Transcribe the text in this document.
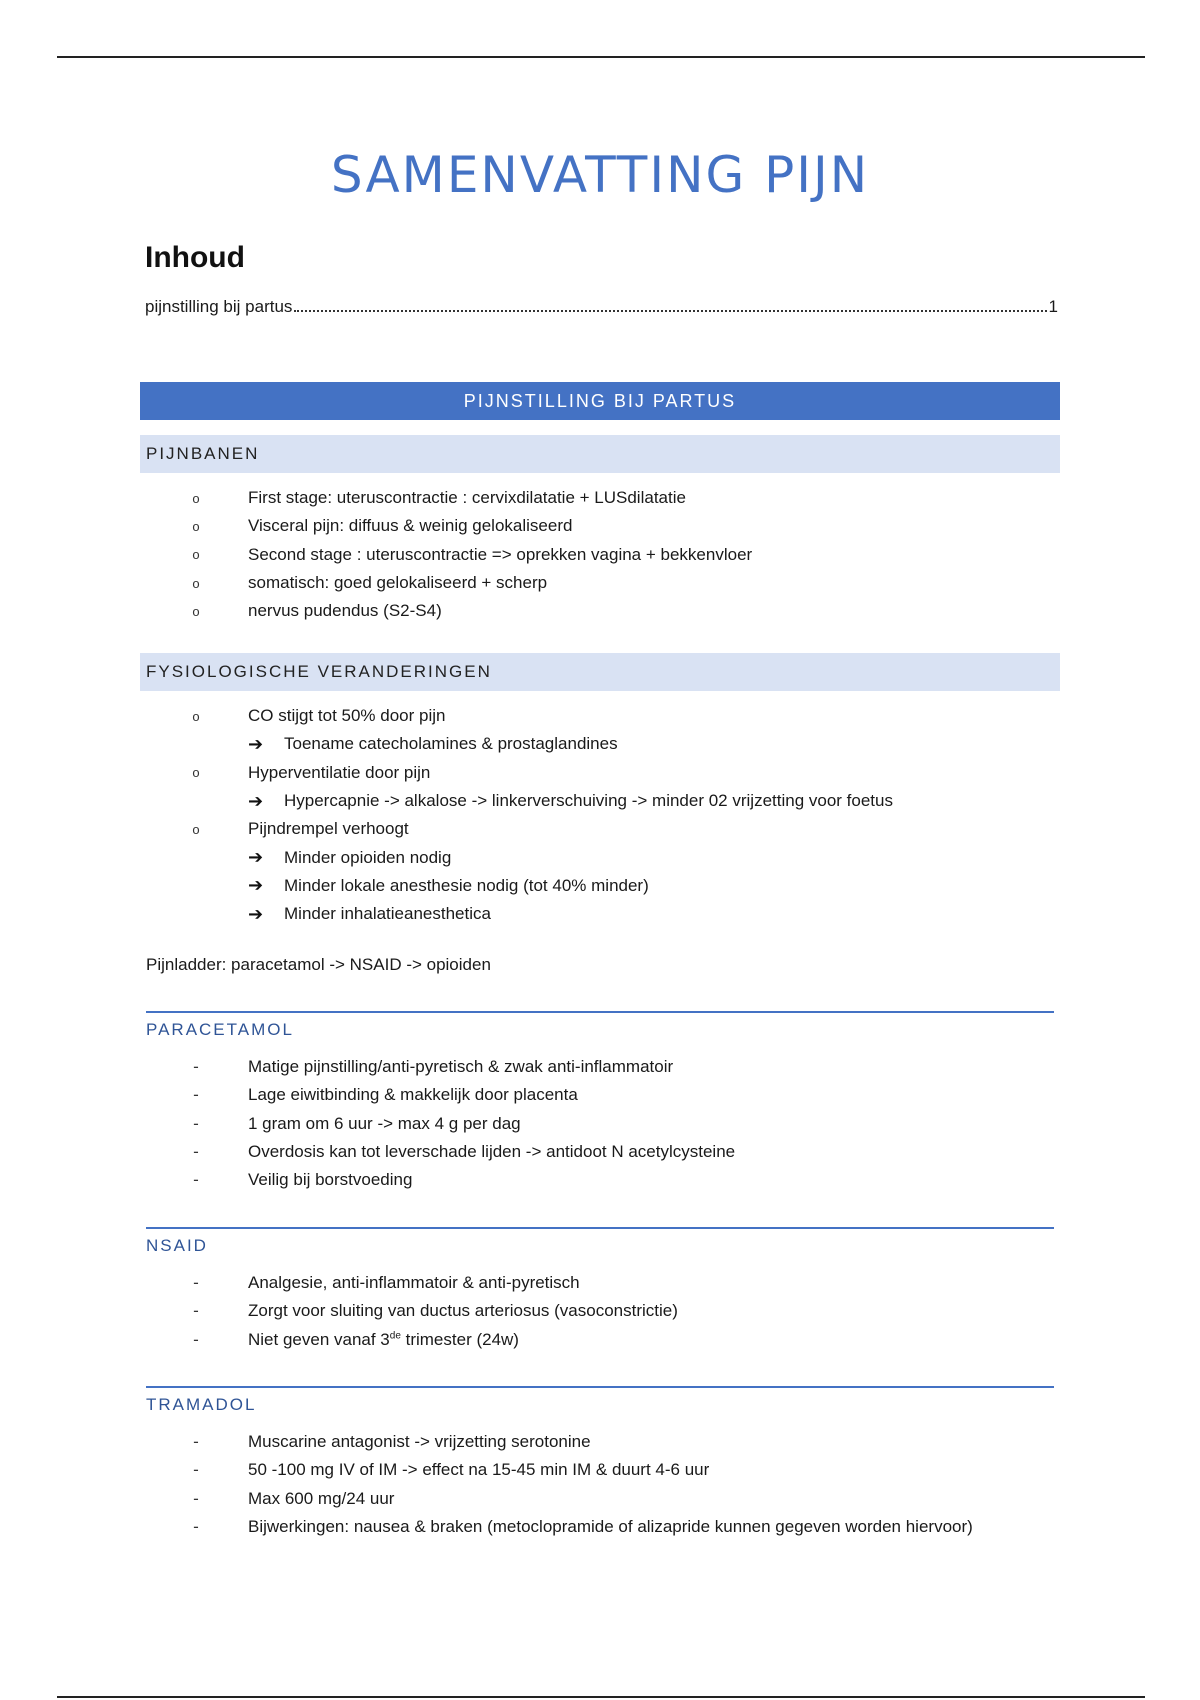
SAMENVATTING PIJN
Inhoud
pijnstilling bij partus	1
PIJNSTILLING BIJ PARTUS
PIJNBANEN
o	First stage: uteruscontractie : cervixdilatatie + LUSdilatatie
o	Visceral pijn: diffuus & weinig gelokaliseerd
o	Second stage : uteruscontractie => oprekken vagina + bekkenvloer
o	somatisch: goed gelokaliseerd + scherp
o	nervus pudendus (S2-S4)
FYSIOLOGISCHE VERANDERINGEN
o	CO stijgt tot 50% door pijn
➔	Toename catecholamines & prostaglandines
o	Hyperventilatie door pijn
➔	Hypercapnie -> alkalose -> linkerverschuiving -> minder 02 vrijzetting voor foetus
o	Pijndrempel verhoogt
➔	Minder opioiden nodig
➔	Minder lokale anesthesie nodig (tot 40% minder)
➔	Minder inhalatieanesthetica
Pijnladder: paracetamol -> NSAID -> opioiden
PARACETAMOL
-	Matige pijnstilling/anti-pyretisch & zwak anti-inflammatoir
-	Lage eiwitbinding & makkelijk door placenta
-	1 gram om 6 uur -> max 4 g per dag
-	Overdosis kan tot leverschade lijden -> antidoot N acetylcysteine
-	Veilig bij borstvoeding
NSAID
-	Analgesie, anti-inflammatoir & anti-pyretisch
-	Zorgt voor sluiting van ductus arteriosus (vasoconstrictie)
-	Niet geven vanaf 3de trimester (24w)
TRAMADOL
-	Muscarine antagonist -> vrijzetting serotonine
-	50 -100 mg IV of IM -> effect na 15-45 min IM & duurt 4-6 uur
-	Max 600 mg/24 uur
-	Bijwerkingen: nausea & braken (metoclopramide of alizapride kunnen gegeven worden hiervoor)
